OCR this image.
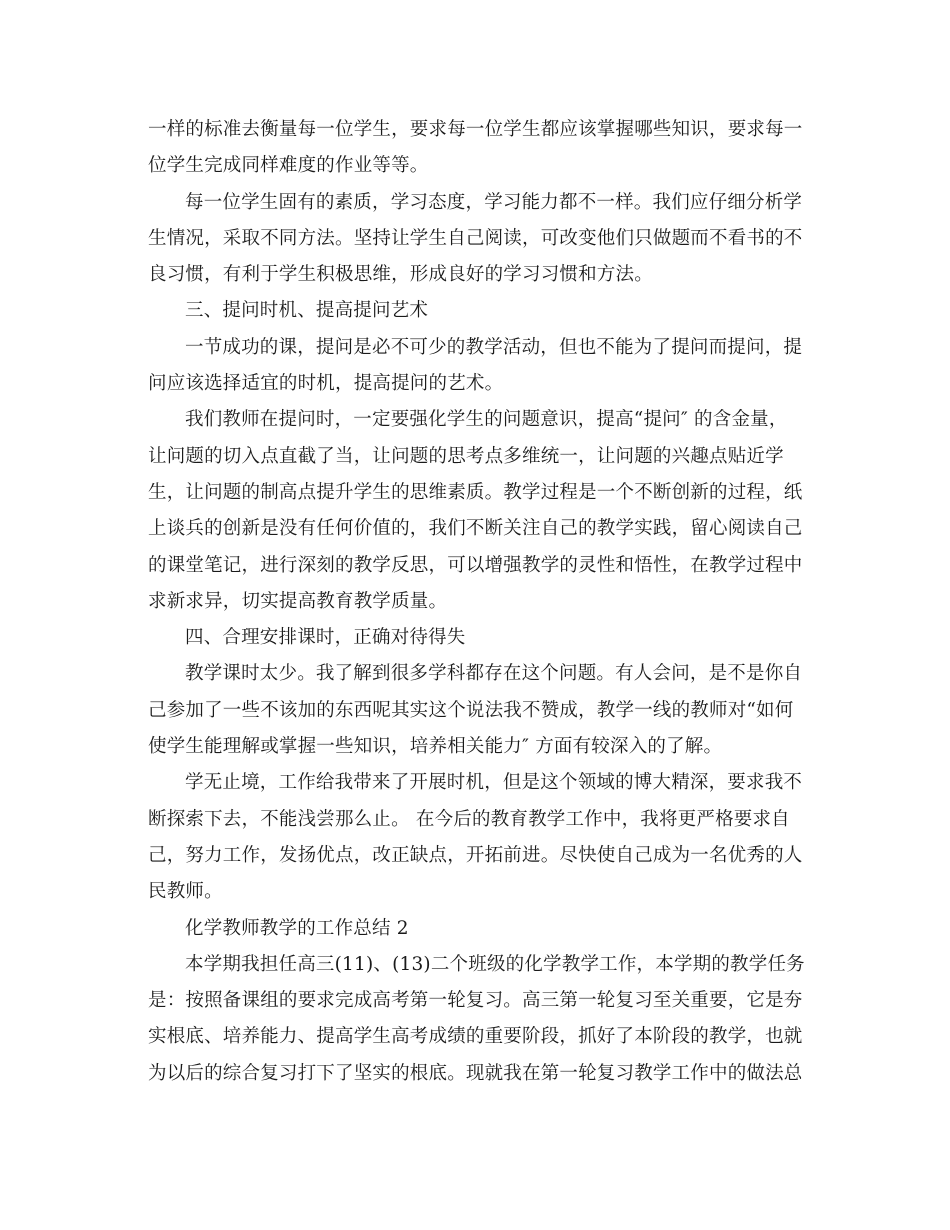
一样的标准去衡量每一位学生，要求每一位学生都应该掌握哪些知识，要求每一
位学生完成同样难度的作业等等。
每一位学生固有的素质，学习态度，学习能力都不一样。我们应仔细分析学
生情况，采取不同方法。坚持让学生自己阅读，可改变他们只做题而不看书的不
良习惯，有利于学生积极思维，形成良好的学习习惯和方法。
三、提问时机、提高提问艺术
一节成功的课，提问是必不可少的教学活动，但也不能为了提问而提问，提
问应该选择适宜的时机，提高提问的艺术。
我们教师在提问时，一定要强化学生的问题意识，提高“提问″ 的含金量，
让问题的切入点直截了当，让问题的思考点多维统一，让问题的兴趣点贴近学
生，让问题的制高点提升学生的思维素质。教学过程是一个不断创新的过程，纸
上谈兵的创新是没有任何价值的，我们不断关注自己的教学实践，留心阅读自己
的课堂笔记，进行深刻的教学反思，可以增强教学的灵性和悟性，在教学过程中
求新求异，切实提高教育教学质量。
四、合理安排课时，正确对待得失
教学课时太少。我了解到很多学科都存在这个问题。有人会问，是不是你自
己参加了一些不该加的东西呢其实这个说法我不赞成，教学一线的教师对“如何
使学生能理解或掌握一些知识，培养相关能力″ 方面有较深入的了解。
学无止境，工作给我带来了开展时机，但是这个领域的博大精深，要求我不
断探索下去，不能浅尝那么止。 在今后的教育教学工作中，我将更严格要求自
己，努力工作，发扬优点，改正缺点，开拓前进。尽快使自己成为一名优秀的人
民教师。
化学教师教学的工作总结 2
本学期我担任高三(11)、(13)二个班级的化学教学工作，本学期的教学任务
是：按照备课组的要求完成高考第一轮复习。高三第一轮复习至关重要，它是夯
实根底、培养能力、提高学生高考成绩的重要阶段，抓好了本阶段的教学，也就
为以后的综合复习打下了坚实的根底。现就我在第一轮复习教学工作中的做法总
